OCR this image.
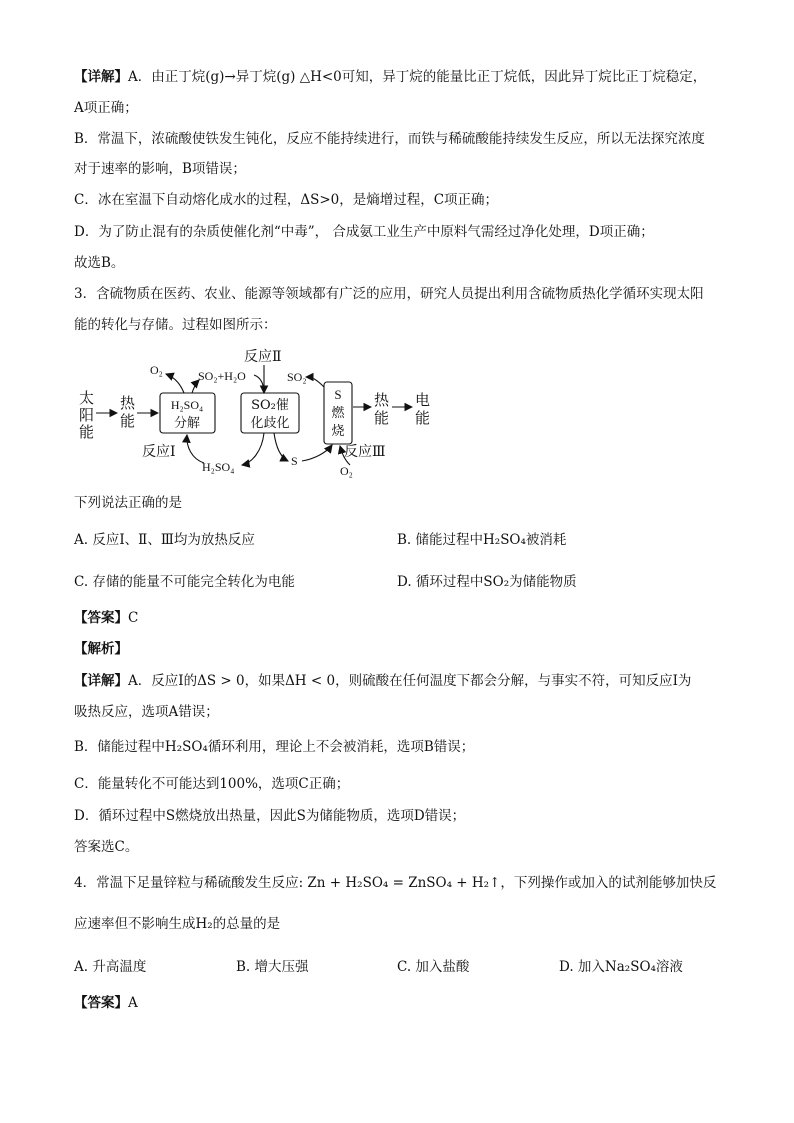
【详解】A．由正丁烷(g)→异丁烷(g) △H<0可知，异丁烷的能量比正丁烷低，因此异丁烷比正丁烷稳定，
A项正确；
B．常温下，浓硫酸使铁发生钝化，反应不能持续进行，而铁与稀硫酸能持续发生反应，所以无法探究浓度
对于速率的影响，B项错误；
C．冰在室温下自动熔化成水的过程，ΔS>0，是熵增过程，C项正确；
D．为了防止混有的杂质使催化剂“中毒”， 合成氨工业生产中原料气需经过净化处理，D项正确；
故选B。
3．含硫物质在医药、农业、能源等领域都有广泛的应用，研究人员提出利用含硫物质热化学循环实现太阳
能的转化与存储。过程如图所示：
太
阳
能
热
能
H₂SO₄
分解
SO₂催
化歧化
S
燃
烧
热
能
电
能
反应Ⅱ
O₂	SO₂+H₂O	SO₂
反应Ⅰ
H₂SO₄	S
反应Ⅲ
O₂
下列说法正确的是
A. 反应Ⅰ、Ⅱ、Ⅲ均为放热反应	B. 储能过程中H₂SO₄被消耗
C. 存储的能量不可能完全转化为电能	D. 循环过程中SO₂为储能物质
【答案】C
【解析】
【详解】A．反应Ⅰ的ΔS > 0，如果ΔH < 0，则硫酸在任何温度下都会分解，与事实不符，可知反应Ⅰ为
吸热反应，选项A错误；
B．储能过程中H₂SO₄循环利用，理论上不会被消耗，选项B错误；
C．能量转化不可能达到100%，选项C正确；
D．循环过程中S燃烧放出热量，因此S为储能物质，选项D错误；
答案选C。
4．常温下足量锌粒与稀硫酸发生反应: Zn + H₂SO₄ = ZnSO₄ + H₂↑，下列操作或加入的试剂能够加快反
应速率但不影响生成H₂的总量的是
A. 升高温度	B. 增大压强	C. 加入盐酸	D. 加入Na₂SO₄溶液
【答案】A
